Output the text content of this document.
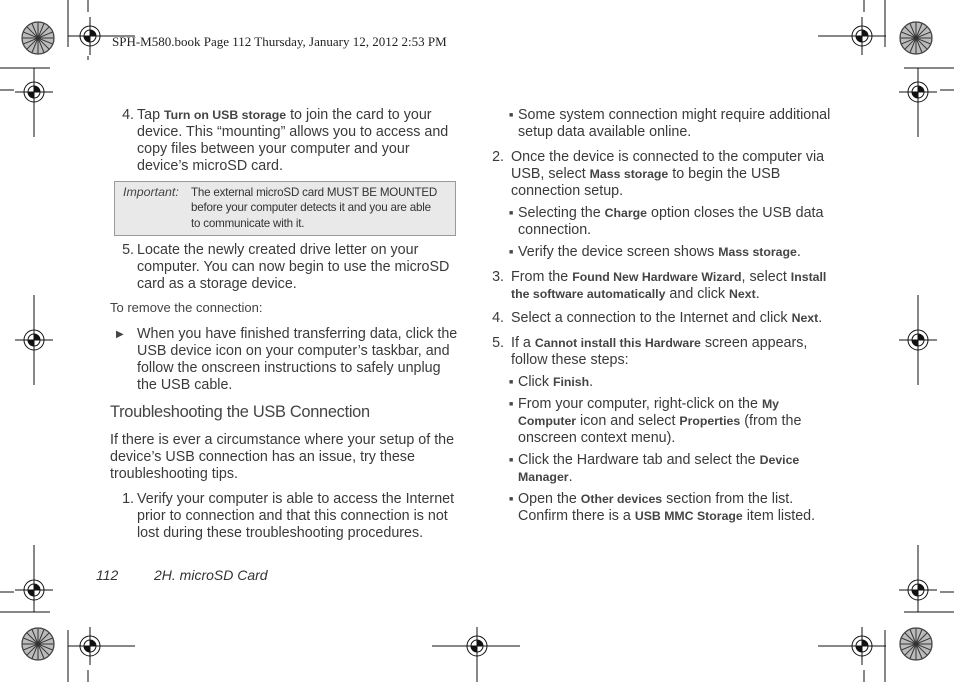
SPH-M580.book Page 112 Thursday, January 12, 2012 2:53 PM
4. Tap Turn on USB storage to join the card to your
device. This “mounting” allows you to access and
copy files between your computer and your
device’s microSD card.
Important: The external microSD card MUST BE MOUNTED
before your computer detects it and you are able
to communicate with it.
5. Locate the newly created drive letter on your
computer. You can now begin to use the microSD
card as a storage device.
To remove the connection:
▶ When you have finished transferring data, click the
USB device icon on your computer’s taskbar, and
follow the onscreen instructions to safely unplug
the USB cable.
Troubleshooting the USB Connection
If there is ever a circumstance where your setup of the
device’s USB connection has an issue, try these
troubleshooting tips.
1. Verify your computer is able to access the Internet
prior to connection and that this connection is not
lost during these troubleshooting procedures.
■ Some system connection might require additional
setup data available online.
2. Once the device is connected to the computer via
USB, select Mass storage to begin the USB
connection setup.
■ Selecting the Charge option closes the USB data
connection.
■ Verify the device screen shows Mass storage.
3. From the Found New Hardware Wizard, select Install
the software automatically and click Next.
4. Select a connection to the Internet and click Next.
5. If a Cannot install this Hardware screen appears,
follow these steps:
■ Click Finish.
■ From your computer, right-click on the My
Computer icon and select Properties (from the
onscreen context menu).
■ Click the Hardware tab and select the Device
Manager.
■ Open the Other devices section from the list.
Confirm there is a USB MMC Storage item listed.
112	2H. microSD Card
